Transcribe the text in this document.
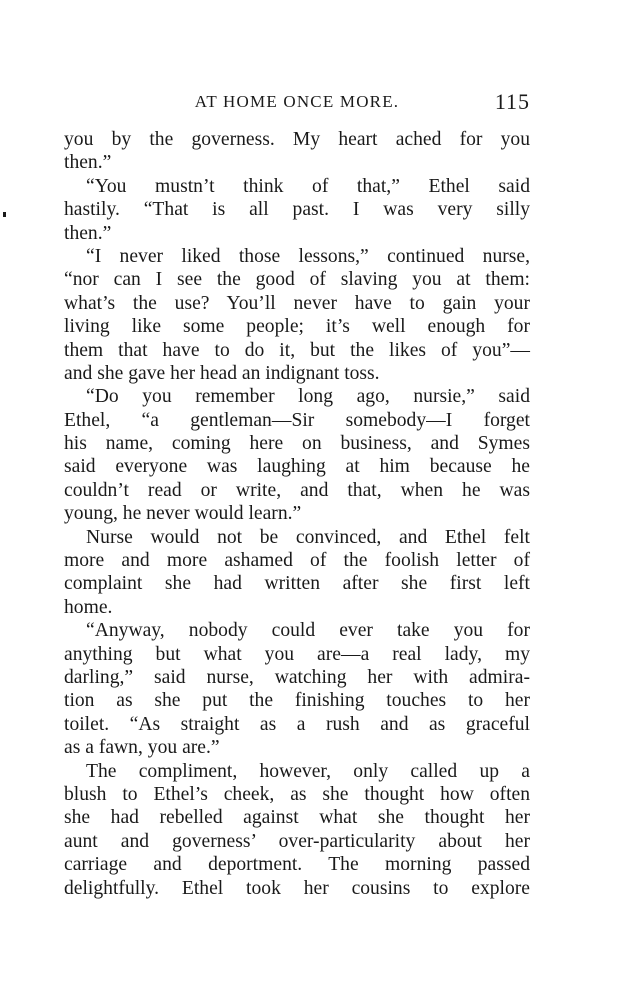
AT HOME ONCE MORE.	115
you by the governess. My heart ached for you
then.”
“You mustn’t think of that,” Ethel said
hastily. “That is all past. I was very silly
then.”
“I never liked those lessons,” continued nurse,
“nor can I see the good of slaving you at them:
what’s the use? You’ll never have to gain your
living like some people; it’s well enough for
them that have to do it, but the likes of you”—
and she gave her head an indignant toss.
“Do you remember long ago, nursie,” said
Ethel, “a gentleman—Sir somebody—I forget
his name, coming here on business, and Symes
said everyone was laughing at him because he
couldn’t read or write, and that, when he was
young, he never would learn.”
Nurse would not be convinced, and Ethel felt
more and more ashamed of the foolish letter of
complaint she had written after she first left
home.
“Anyway, nobody could ever take you for
anything but what you are—a real lady, my
darling,” said nurse, watching her with admira-
tion as she put the finishing touches to her
toilet. “As straight as a rush and as graceful
as a fawn, you are.”
The compliment, however, only called up a
blush to Ethel’s cheek, as she thought how often
she had rebelled against what she thought her
aunt and governess’ over-particularity about her
carriage and deportment. The morning passed
delightfully. Ethel took her cousins to explore
